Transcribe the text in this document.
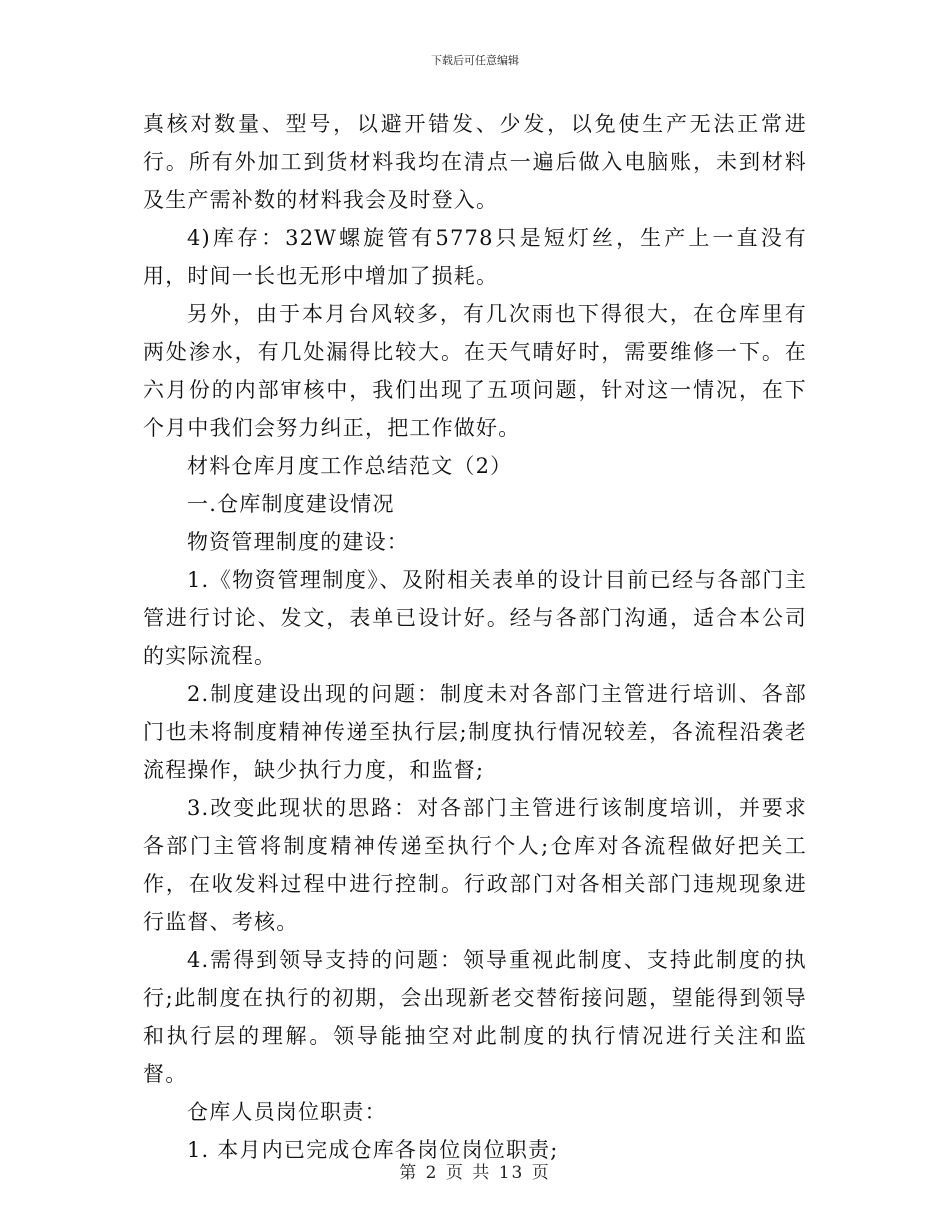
下载后可任意编辑

真核对数量、型号，以避开错发、少发，以免使生产无法正常进行。所有外加工到货材料我均在清点一遍后做入电脑账，未到材料及生产需补数的材料我会及时登入。

4)库存：32W螺旋管有5778只是短灯丝，生产上一直没有用，时间一长也无形中增加了损耗。

另外，由于本月台风较多，有几次雨也下得很大，在仓库里有两处渗水，有几处漏得比较大。在天气晴好时，需要维修一下。在六月份的内部审核中，我们出现了五项问题，针对这一情况，在下个月中我们会努力纠正，把工作做好。

材料仓库月度工作总结范文（2）

一.仓库制度建设情况

物资管理制度的建设：

1.《物资管理制度》、及附相关表单的设计目前已经与各部门主管进行讨论、发文，表单已设计好。经与各部门沟通，适合本公司的实际流程。

2.制度建设出现的问题：制度未对各部门主管进行培训、各部门也未将制度精神传递至执行层;制度执行情况较差，各流程沿袭老流程操作，缺少执行力度，和监督;

3.改变此现状的思路：对各部门主管进行该制度培训，并要求各部门主管将制度精神传递至执行个人;仓库对各流程做好把关工作，在收发料过程中进行控制。行政部门对各相关部门违规现象进行监督、考核。

4.需得到领导支持的问题：领导重视此制度、支持此制度的执行;此制度在执行的初期，会出现新老交替衔接问题，望能得到领导和执行层的理解。领导能抽空对此制度的执行情况进行关注和监督。

仓库人员岗位职责：

1. 本月内已完成仓库各岗位岗位职责;

第 2 页 共 13 页
